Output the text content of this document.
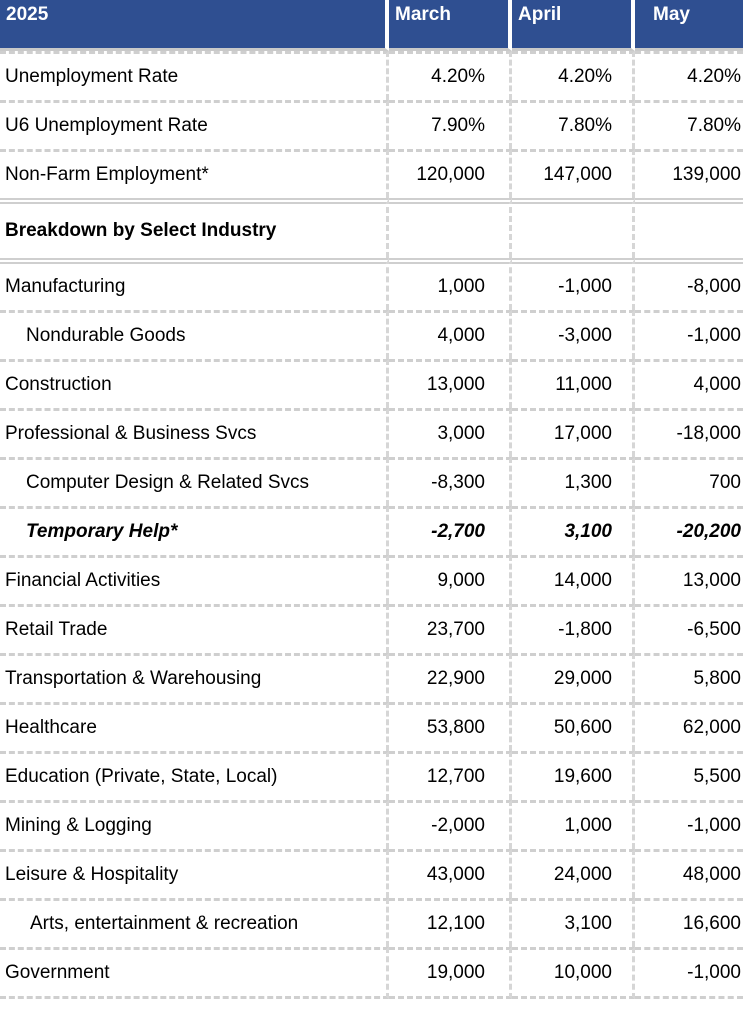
2025	March	April	May
Unemployment Rate	4.20%	4.20%	4.20%
U6 Unemployment Rate	7.90%	7.80%	7.80%
Non-Farm Employment*	120,000	147,000	139,000
Breakdown by Select Industry			
Manufacturing	1,000	-1,000	-8,000
Nondurable Goods	4,000	-3,000	-1,000
Construction	13,000	11,000	4,000
Professional & Business Svcs	3,000	17,000	-18,000
Computer Design & Related Svcs	-8,300	1,300	700
Temporary Help*	-2,700	3,100	-20,200
Financial Activities	9,000	14,000	13,000
Retail Trade	23,700	-1,800	-6,500
Transportation & Warehousing	22,900	29,000	5,800
Healthcare	53,800	50,600	62,000
Education (Private, State, Local)	12,700	19,600	5,500
Mining & Logging	-2,000	1,000	-1,000
Leisure & Hospitality	43,000	24,000	48,000
Arts, entertainment & recreation	12,100	3,100	16,600
Government	19,000	10,000	-1,000
